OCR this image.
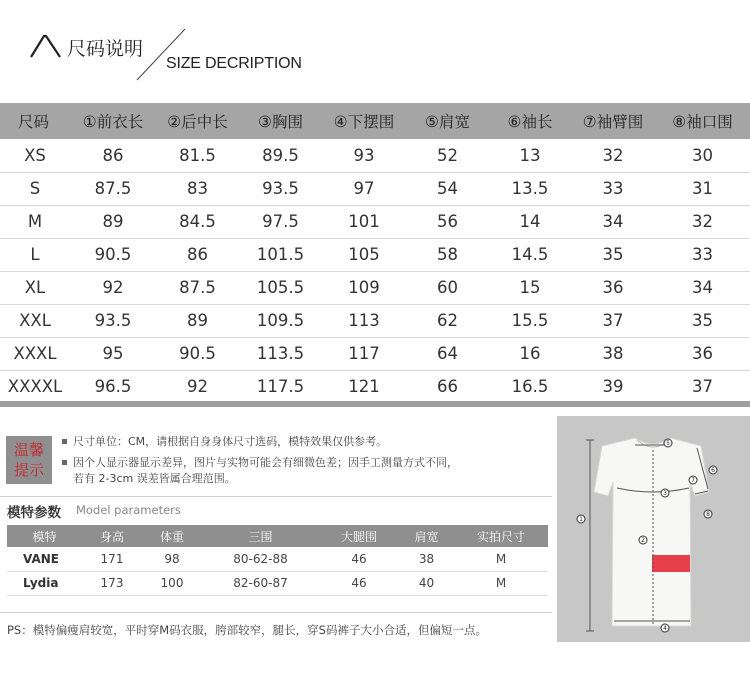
尺码说明
SIZE DECRIPTION
尺码	①前衣长	②后中长	③胸围	④下摆围	⑤肩宽	⑥袖长	⑦袖臂围	⑧袖口围
XS	86	81.5	89.5	93	52	13	32	30
S	87.5	83	93.5	97	54	13.5	33	31
M	89	84.5	97.5	101	56	14	34	32
L	90.5	86	101.5	105	58	14.5	35	33
XL	92	87.5	105.5	109	60	15	36	34
XXL	93.5	89	109.5	113	62	15.5	37	35
XXXL	95	90.5	113.5	117	64	16	38	36
XXXXL	96.5	92	117.5	121	66	16.5	39	37
温馨
提示
尺寸单位：CM，请根据自身身体尺寸选码，模特效果仅供参考。
因个人显示器显示差异，图片与实物可能会有细微色差；因手工测量方式不同，
若有 2-3cm 误差皆属合理范围。
模特参数 Model parameters
模特	身高	体重	三围	大腿围	肩宽	实拍尺寸
VANE	171	98	80-62-88	46	38	M
Lydia	173	100	82-60-87	46	40	M
PS：模特偏瘦肩较宽，平时穿M码衣服，胯部较窄，腿长，穿S码裤子大小合适，但偏短一点。
1
2
3
4
5
6
7
8
